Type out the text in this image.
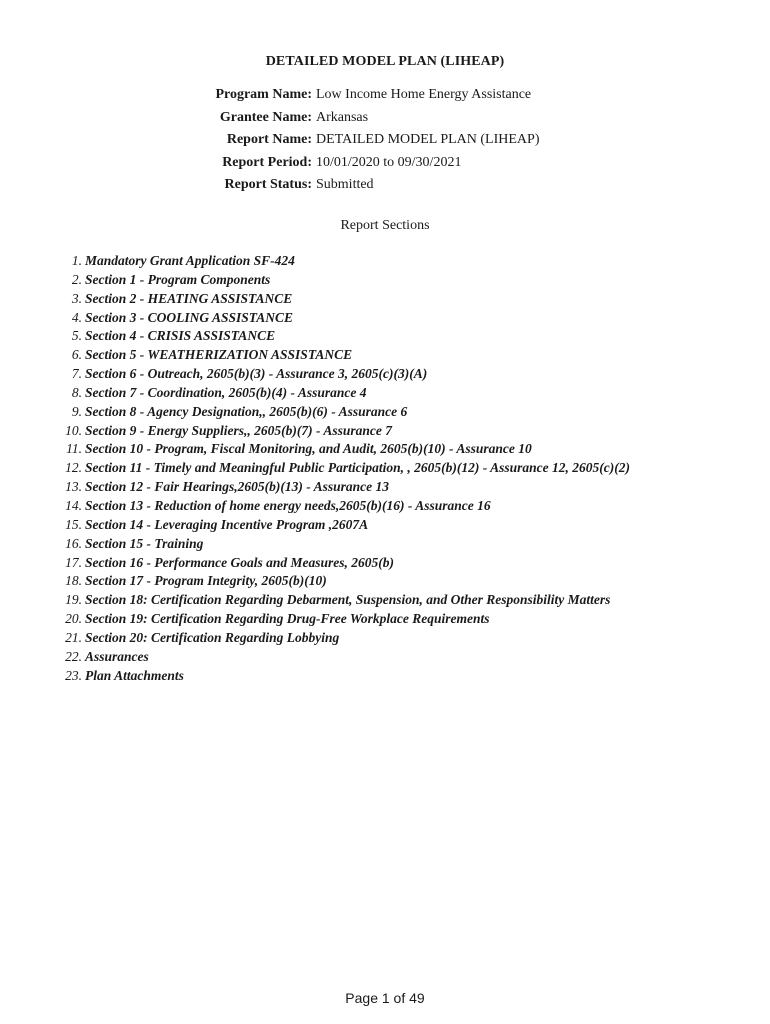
DETAILED MODEL PLAN (LIHEAP)
Program Name: Low Income Home Energy Assistance
Grantee Name: Arkansas
Report Name: DETAILED MODEL PLAN (LIHEAP)
Report Period: 10/01/2020 to 09/30/2021
Report Status: Submitted
Report Sections
1. Mandatory Grant Application SF-424
2. Section 1 - Program Components
3. Section 2 - HEATING ASSISTANCE
4. Section 3 - COOLING ASSISTANCE
5. Section 4 - CRISIS ASSISTANCE
6. Section 5 - WEATHERIZATION ASSISTANCE
7. Section 6 - Outreach, 2605(b)(3) - Assurance 3, 2605(c)(3)(A)
8. Section 7 - Coordination, 2605(b)(4) - Assurance 4
9. Section 8 - Agency Designation,, 2605(b)(6) - Assurance 6
10. Section 9 - Energy Suppliers,, 2605(b)(7) - Assurance 7
11. Section 10 - Program, Fiscal Monitoring, and Audit, 2605(b)(10) - Assurance 10
12. Section 11 - Timely and Meaningful Public Participation, , 2605(b)(12) - Assurance 12, 2605(c)(2)
13. Section 12 - Fair Hearings,2605(b)(13) - Assurance 13
14. Section 13 - Reduction of home energy needs,2605(b)(16) - Assurance 16
15. Section 14 - Leveraging Incentive Program ,2607A
16. Section 15 - Training
17. Section 16 - Performance Goals and Measures, 2605(b)
18. Section 17 - Program Integrity, 2605(b)(10)
19. Section 18: Certification Regarding Debarment, Suspension, and Other Responsibility Matters
20. Section 19: Certification Regarding Drug-Free Workplace Requirements
21. Section 20: Certification Regarding Lobbying
22. Assurances
23. Plan Attachments
Page 1 of 49
